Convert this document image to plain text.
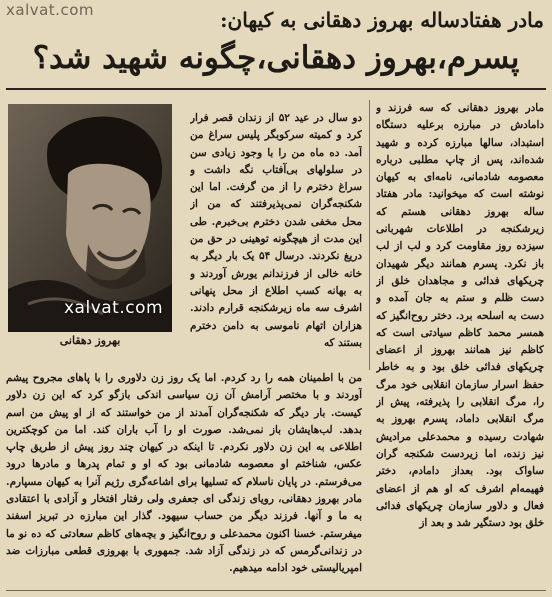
xalvat.com	مادر هفتادساله بهروز دهقانی به کیهان:
پسرم،بهروز دهقانی،چگونه شهید شد؟

مادر بهروز دهقانی که سه فرزند و دامادش در مبارزه برعلیه دستگاه استبداد، سالها مبارزه کرده و شهید شده‌اند، پس از چاپ مطلبی درباره معصومه شادمانی، نامه‌ای به کیهان نوشته است که میخوانید: مادر هفتاد ساله بهروز دهقانی هستم که زیرشکنجه در اطلاعات شهربانی سیزده روز مقاومت کرد و لب از لب باز نکرد. پسرم همانند دیگر شهیدان چریکهای فدائی و مجاهدان خلق از دست ظلم و ستم به جان آمده و دست به اسلحه برد. دختر روح‌انگیز که همسر محمد کاظم سیادتی است که کاظم نیز همانند بهروز از اعضای چریکهای فدائی خلق بود و به خاطر حفظ اسرار سازمان انقلابی خود مرگ را، مرگ انقلابی را پذیرفته، پیش از مرگ انقلابی داماد، پسرم بهروز به شهادت رسیده و محمدعلی مرادیش نیز زنده، اما زیردست شکنجه گران ساواک بود. بعداز دامادم، دختر فهیمه‌ام اشرف که او هم از اعضای فعال و دلاور سازمان چریکهای فدائی خلق بود دستگیر شد و بعد از

دو سال در عید ۵۲ از زندان قصر فرار کرد و کمیته سرکوبگر پلیس سراغ من آمد. ده ماه من را با وجود زیادی سن در سلولهای بی‌آفتاب نگه داشت و سراغ دخترم را از من گرفت. اما این شکنجه‌گران نمی‌پذیرفتند که من از محل مخفی شدن دخترم بی‌خبرم. طی این مدت از هیچگونه توهینی در حق من دریغ نکردند. درسال ۵۴ یک بار دیگر به خانه خالی از فرزندانم یورش آوردند و به بهانه کسب اطلاع از محل پنهانی اشرف سه ماه زیرشکنجه قرارم دادند. هزاران اتهام ناموسی به دامن دخترم بستند که

xalvat.com
بهروز دهقانی

من با اطمینان همه را رد کردم. اما یک روز زن دلاوری را با پاهای مجروح پیشم آوردند و با مختصر آرامش آن زن سیاسی اندکی بازگو کرد که این زن دلاور کیست. بار دیگر که شکنجه‌گران آمدند از من خواستند که از او پیش من اسم بدهد. لب‌هایشان باز نمی‌شد. صورت او را آب باران کند. اما من کوچکترین اطلاعی به این زن دلاور نکردم. تا اینکه در کیهان چند روز پیش از طریق چاپ عکس، شناختم او معصومه شادمانی بود که او و تمام پدرها و مادرها درود می‌فرستم. در پایان ناسلام که تسلیها برای اشاعه‌گری رژیم آنرا به کیهان مسپارم. مادر بهروز دهقانی، رویای زندگی ای جعفری ولی رفتار افتخار و آزادی با اعتقادی به ما و آنها. فرزند دیگر من حساب سیهود. گذار این مبارزه در تبریز اسفند میفرستم. خسنا اکنون محمدعلی و روح‌انگیز و بچه‌های کاظم سعادتی که ده نو ما در زندانی‌گرمس که در زندگی آزاد شد. جمهوری با بهروزی قطعی مبارزات ضد امپریالیستی خود ادامه میدهیم.
